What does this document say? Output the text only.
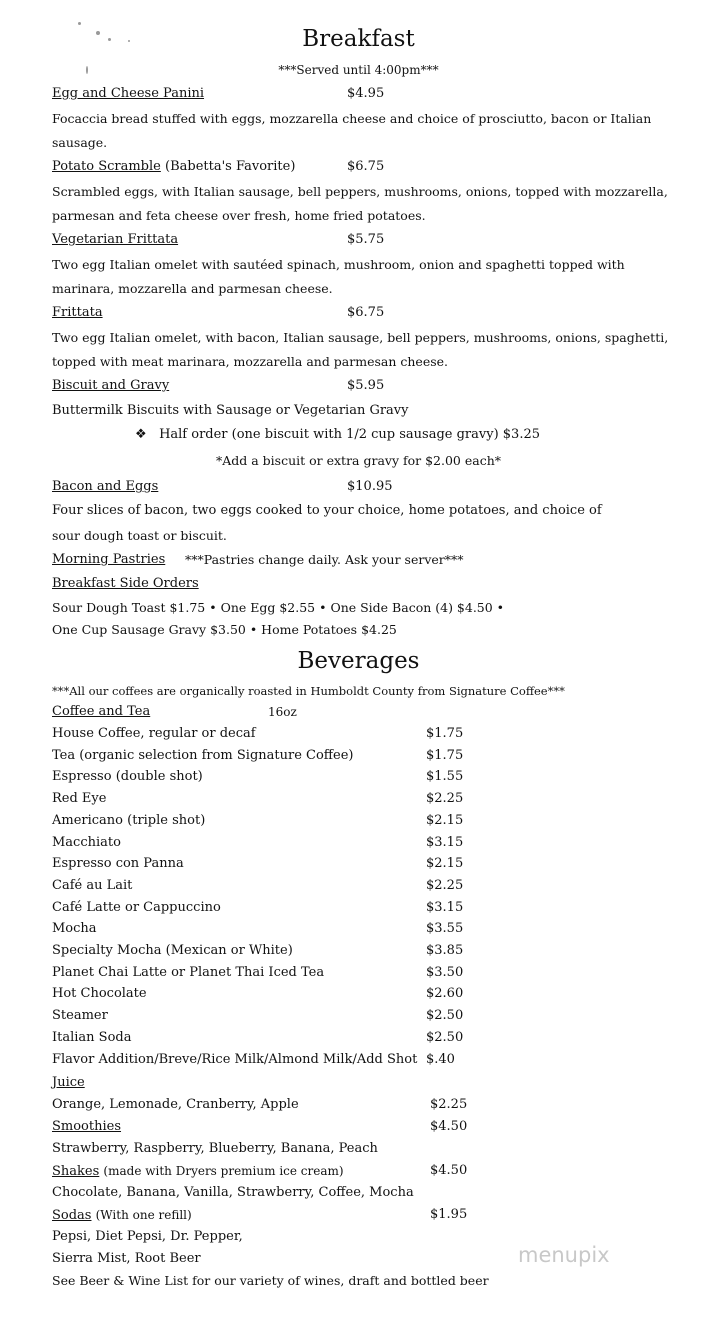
Breakfast
***Served until 4:00pm***
Egg and Cheese Panini	$4.95
Focaccia bread stuffed with eggs, mozzarella cheese and choice of prosciutto, bacon or Italian
sausage.
Potato Scramble (Babetta's Favorite)	$6.75
Scrambled eggs, with Italian sausage, bell peppers, mushrooms, onions, topped with mozzarella,
parmesan and feta cheese over fresh, home fried potatoes.
Vegetarian Frittata	$5.75
Two egg Italian omelet with sautéed spinach, mushroom, onion and spaghetti topped with
marinara, mozzarella and parmesan cheese.
Frittata	$6.75
Two egg Italian omelet, with bacon, Italian sausage, bell peppers, mushrooms, onions, spaghetti,
topped with meat marinara, mozzarella and parmesan cheese.
Biscuit and Gravy	$5.95
Buttermilk Biscuits with Sausage or Vegetarian Gravy
❖ Half order (one biscuit with 1/2 cup sausage gravy) $3.25
*Add a biscuit or extra gravy for $2.00 each*
Bacon and Eggs	$10.95
Four slices of bacon, two eggs cooked to your choice, home potatoes, and choice of
sour dough toast or biscuit.
Morning Pastries ***Pastries change daily. Ask your server***
Breakfast Side Orders
Sour Dough Toast $1.75 • One Egg $2.55 • One Side Bacon (4) $4.50 •
One Cup Sausage Gravy $3.50 • Home Potatoes $4.25
Beverages
***All our coffees are organically roasted in Humboldt County from Signature Coffee***
Coffee and Tea	16oz
House Coffee, regular or decaf	$1.75
Tea (organic selection from Signature Coffee)	$1.75
Espresso (double shot)	$1.55
Red Eye	$2.25
Americano (triple shot)	$2.15
Macchiato	$3.15
Espresso con Panna	$2.15
Café au Lait	$2.25
Café Latte or Cappuccino	$3.15
Mocha	$3.55
Specialty Mocha (Mexican or White)	$3.85
Planet Chai Latte or Planet Thai Iced Tea	$3.50
Hot Chocolate	$2.60
Steamer	$2.50
Italian Soda	$2.50
Flavor Addition/Breve/Rice Milk/Almond Milk/Add Shot $.40
Juice
Orange, Lemonade, Cranberry, Apple	$2.25
Smoothies	$4.50
Strawberry, Raspberry, Blueberry, Banana, Peach
Shakes (made with Dryers premium ice cream)	$4.50
Chocolate, Banana, Vanilla, Strawberry, Coffee, Mocha
Sodas (With one refill)	$1.95
Pepsi, Diet Pepsi, Dr. Pepper,
Sierra Mist, Root Beer
See Beer & Wine List for our variety of wines, draft and bottled beer
menupix
